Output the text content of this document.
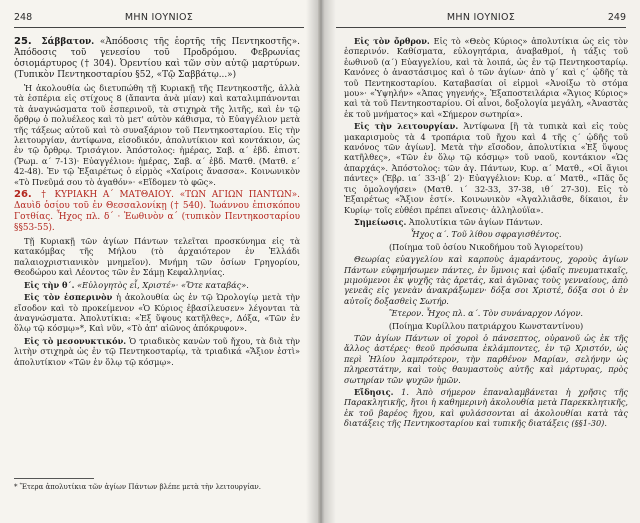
248	ΜΗΝ ΙΟΥΝΙΟΣ

25. Σάββατον. «Ἀπόδοσις τῆς ἑορτῆς τῆς Πεντηκοστῆς». Ἀπόδοσις τοῦ γενεσίου τοῦ Προδρόμου. Φεβρωνίας ὁσιομάρτυρος († 304). Ὀρεντίου καὶ τῶν σὺν αὐτῷ μαρτύρων. (Τυπικὸν Πεντηκοσταρίου §52, «Τῷ Σαββάτῳ...»)

Ἡ ἀκολουθία ὡς διετυπώθη τῇ Κυριακῇ τῆς Πεντηκοστῆς, ἀλλὰ τὰ ἑσπέρια εἰς στίχους 8 (ἅπαντα ἀνὰ μίαν) καὶ καταλιμπάνονται τὰ ἀναγνώσματα τοῦ ἑσπερινοῦ, τὰ στιχηρὰ τῆς λιτῆς, καὶ ἐν τῷ ὄρθρῳ ὁ πολυέλεος καὶ τὸ μετ' αὐτὸν κάθισμα, τὸ Εὐαγγέλιον μετὰ τῆς τάξεως αὐτοῦ καὶ τὸ συναξάριον τοῦ Πεντηκοσταρίου. Εἰς τὴν λειτουργίαν, ἀντίφωνα, εἰσοδικόν, ἀπολυτίκιον καὶ κοντάκιον, ὡς ἐν τῷ ὄρθρῳ. Τρισάγιον. Ἀπόστολος: ἡμέρας, Σαβ. α´ ἑβδ. ἐπιστ. (Ῥωμ. α´ 7-13)· Εὐαγγέλιον: ἡμέρας, Σαβ. α´ ἑβδ. Ματθ. (Ματθ. ε´ 42-48). Ἐν τῷ Ἐξαιρέτως ὁ εἱρμὸς «Χαίροις ἄνασσα». Κοινωνικὸν «Τὸ Πνεῦμά σου τὸ ἀγαθόν»· «Εἴδομεν τὸ φῶς».

26. † ΚΥΡΙΑΚΗ Α´ ΜΑΤΘΑΙΟΥ. «ΤΩΝ ΑΓΙΩΝ ΠΑΝΤΩΝ». Δαυὶδ ὁσίου τοῦ ἐν Θεσσαλονίκῃ († 540). Ἰωάννου ἐπισκόπου Γοτθίας. Ἦχος πλ. δ´ · Ἑωθινὸν α´ (τυπικὸν Πεντηκοσταρίου §§53-55).

Τῇ Κυριακῇ τῶν ἁγίων Πάντων τελεῖται προσκύνημα εἰς τὰ κατακόμβας τῆς Μήλου (τὸ ἀρχαιότερον ἐν Ἑλλάδι παλαιοχριστιανικὸν μνημεῖον). Μνήμη τῶν ὁσίων Γρηγορίου, Θεοδώρου καὶ Λέοντος τῶν ἐν Σάμῃ Κεφαλληνίας.

Εἰς τὴν θ´. «Εὐλογητὸς εἶ, Χριστέ»· «Ὅτε καταβάς».

Εἰς τὸν ἑσπερινὸν ἡ ἀκολουθία ὡς ἐν τῷ Ὡρολογίῳ μετὰ τὴν εἴσοδον καὶ τὸ προκείμενον «Ὁ Κύριος ἐβασίλευσεν» λέγονται τὰ ἀναγνώσματα. Ἀπολυτίκια: «Ἐξ ὕψους κατῆλθες», Δόξα, «Τῶν ἐν ὅλῳ τῷ κόσμῳ»*, Καὶ νῦν, «Τὸ ἀπ' αἰῶνος ἀπόκρυφον».

Εἰς τὸ μεσονυκτικόν. Ὁ τριαδικὸς κανὼν τοῦ ἤχου, τὰ διὰ τὴν λιτὴν στιχηρὰ ὡς ἐν τῷ Πεντηκοσταρίῳ, τὰ τριαδικά «Ἄξιον ἐστὶ» ἀπολυτίκιον «Τῶν ἐν ὅλῳ τῷ κόσμῳ».

* Ἕτερα ἀπολυτίκια τῶν ἁγίων Πάντων βλέπε μετὰ τὴν λειτουργίαν.
ΜΗΝ ΙΟΥΝΙΟΣ	249

Εἰς τὸν ὄρθρον. Εἰς τὸ «Θεὸς Κύριος» ἀπολυτίκια ὡς εἰς τὸν ἑσπερινόν. Καθίσματα, εὐλογητάρια, ἀναβαθμοί, ἡ τάξις τοῦ ἑωθινοῦ (α´) Εὐαγγελίου, καὶ τὰ λοιπά, ὡς ἐν τῷ Πεντηκοσταρίῳ. Κανόνες ὁ ἀναστάσιμος καὶ ὁ τῶν ἁγίων· ἀπὸ γ´ καὶ ς´ ᾠδῆς τὰ τοῦ Πεντηκοσταρίου. Καταβασίαι οἱ εἱρμοὶ «Ἀνοίξω τὸ στόμα μου»· «Ὑψηλήν» «Ἁπας γηγενής». Ἐξαποστειλάρια «Ἅγιος Κύριος» καὶ τὰ τοῦ Πεντηκοσταρίου. Οἱ αἶνοι, δοξολογία μεγάλη, «Ἀναστὰς ἐκ τοῦ μνήματος» καὶ «Σήμερον σωτηρία».

Εἰς τὴν λειτουργίαν. Ἀντίφωνα [ἢ τὰ τυπικὰ καὶ εἰς τοὺς μακαρισμοὺς τὰ 4 τροπάρια τοῦ ἤχου καὶ 4 τῆς ς´ ᾠδῆς τοῦ κανόνος τῶν ἁγίων]. Μετὰ τὴν εἴσοδον, ἀπολυτίκια «Ἐξ ὕψους κατῆλθες», «Τῶν ἐν ὅλῳ τῷ κόσμῳ» τοῦ ναοῦ, κοντάκιον «Ὡς ἀπαρχάς». Ἀπόστολος: τῶν ἁγ. Πάντων, Κυρ. α´ Ματθ., «Οἱ ἅγιοι πάντες» (Ἑβρ. ια´ 33-ιβ´ 2)· Εὐαγγέλιον: Κυρ. α´ Ματθ., «Πᾶς ὅς τις ὁμολογήσει» (Ματθ. ι´ 32-33, 37-38, ιθ´ 27-30). Εἰς τὸ Ἐξαιρέτως «Ἄξιον ἐστί». Κοινωνικὸν «Ἀγαλλιᾶσθε, δίκαιοι, ἐν Κυρίῳ· τοῖς εὐθέσι πρέπει αἴνεσις· ἀλληλούϊα».

Σημείωσις. Ἀπολυτίκια τῶν ἁγίων Πάντων.

Ἦχος α´. Τοῦ λίθου σφραγισθέντος.

(Ποίημα τοῦ ὁσίου Νικοδήμου τοῦ Ἁγιορείτου)

Θεωρίας εὐαγγελίου καὶ καρποὺς ἀμαράντους, χοροὺς ἁγίων Πάντων εὐφημήσωμεν πάντες, ἐν ὕμνοις καὶ ᾠδαῖς πνευματικαῖς, μιμούμενοι ἐκ ψυχῆς τὰς ἀρετάς, καὶ ἀγῶνας τοὺς γενναίους, ἀπὸ γενεᾶς εἰς γενεὰν ἀνακράξωμεν· δόξα σοι Χριστέ, δόξα σοι ὁ ἐν αὐτοῖς δοξασθεὶς Σωτήρ.

Ἕτερον. Ἦχος πλ. α´. Τὸν συνάναρχον Λόγον.

(Ποίημα Κυρίλλου πατριάρχου Κωνσταντίνου)

Τῶν ἁγίων Πάντων οἱ χοροὶ ὁ πάνσεπτος, οὐρανοῦ ὡς ἐκ τῆς ἄλλος ἀστέρες· θεοῦ πρόσωπα ἐκλάμποντες, ἐν τῷ Χριστόν, ὡς περὶ Ἠλίου λαμπρότερον, τὴν παρθένον Μαρίαν, σελήνην ὡς πληρεστάτην, καὶ τοὺς θαυμαστοὺς αὐτῆς καὶ μάρτυρας, πρὸς σωτηρίαν τῶν ψυχῶν ἡμῶν.

Εἴδησις. 1. Ἀπὸ σήμερον ἐπαναλαμβάνεται ἡ χρῆσις τῆς Παρακλητικῆς, ἤτοι ἡ καθημερινὴ ἀκολουθία μετὰ Παρεκκλητικῆς, ἐκ τοῦ βαρέος ἤχου, καὶ φυλάσσονται αἱ ἀκολουθίαι κατὰ τὰς διατάξεις τῆς Πεντηκοσταρίου καὶ τυπικῆς διατάξεις (§§1-30).
